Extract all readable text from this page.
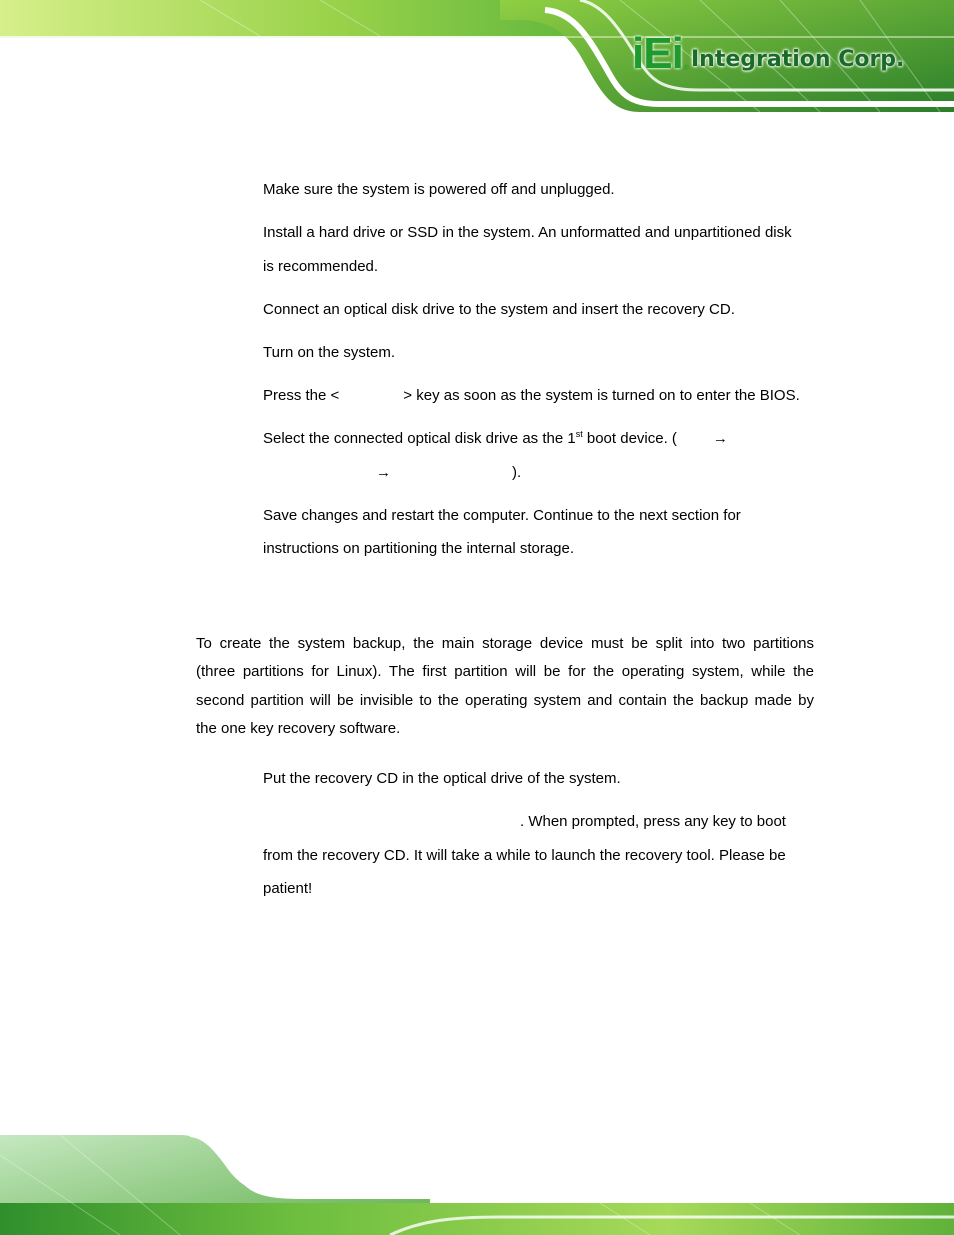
iEi ® Integration Corp.
Make sure the system is powered off and unplugged.
Install a hard drive or SSD in the system. An unformatted and unpartitioned disk
is recommended.
Connect an optical disk drive to the system and insert the recovery CD.
Turn on the system.
Press the <	> key as soon as the system is turned on to enter the BIOS.
Select the connected optical disk drive as the 1st boot device. ( →
→	).
Save changes and restart the computer. Continue to the next section for
instructions on partitioning the internal storage.
To create the system backup, the main storage device must be split into two partitions
(three partitions for Linux). The first partition will be for the operating system, while the
second partition will be invisible to the operating system and contain the backup made by
the one key recovery software.
Put the recovery CD in the optical drive of the system.
. When prompted, press any key to boot
from the recovery CD. It will take a while to launch the recovery tool. Please be
patient!
